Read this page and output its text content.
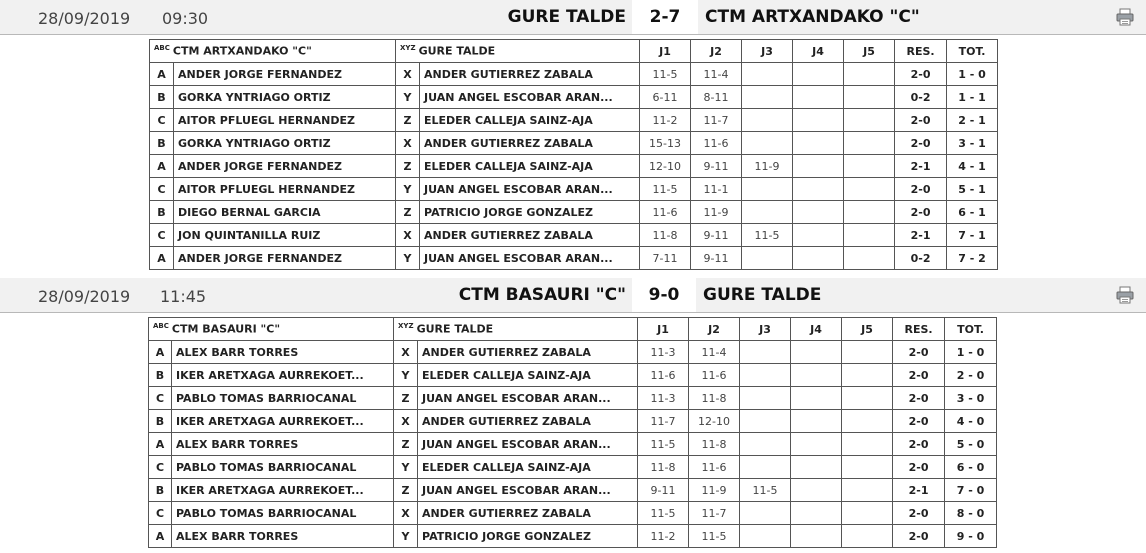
28/09/2019 09:30	GURE TALDE	2-7	CTM ARTXANDAKO "C"
$^{ABC}$ CTM ARTXANDAKO "C"		$^{XYZ}$ GURE TALDE		J1	J2	J3	J4	J5	RES.	TOT.
A	ANDER JORGE FERNANDEZ	X	ANDER GUTIERREZ ZABALA	11-5	11-4				2-0	1 - 0
B	GORKA YNTRIAGO ORTIZ	Y	JUAN ANGEL ESCOBAR ARAN...	6-11	8-11				0-2	1 - 1
C	AITOR PFLUEGL HERNANDEZ	Z	ELEDER CALLEJA SAINZ-AJA	11-2	11-7				2-0	2 - 1
B	GORKA YNTRIAGO ORTIZ	X	ANDER GUTIERREZ ZABALA	15-13	11-6				2-0	3 - 1
A	ANDER JORGE FERNANDEZ	Z	ELEDER CALLEJA SAINZ-AJA	12-10	9-11	11-9			2-1	4 - 1
C	AITOR PFLUEGL HERNANDEZ	Y	JUAN ANGEL ESCOBAR ARAN...	11-5	11-1				2-0	5 - 1
B	DIEGO BERNAL GARCIA	Z	PATRICIO JORGE GONZALEZ	11-6	11-9				2-0	6 - 1
C	JON QUINTANILLA RUIZ	X	ANDER GUTIERREZ ZABALA	11-8	9-11	11-5			2-1	7 - 1
A	ANDER JORGE FERNANDEZ	Y	JUAN ANGEL ESCOBAR ARAN...	7-11	9-11				0-2	7 - 2
28/09/2019 11:45	CTM BASAURI "C"	9-0	GURE TALDE
$^{ABC}$ CTM BASAURI "C"		$^{XYZ}$ GURE TALDE		J1	J2	J3	J4	J5	RES.	TOT.
A	ALEX BARR TORRES	X	ANDER GUTIERREZ ZABALA	11-3	11-4				2-0	1 - 0
B	IKER ARETXAGA AURREKOET...	Y	ELEDER CALLEJA SAINZ-AJA	11-6	11-6				2-0	2 - 0
C	PABLO TOMAS BARRIOCANAL	Z	JUAN ANGEL ESCOBAR ARAN...	11-3	11-8				2-0	3 - 0
B	IKER ARETXAGA AURREKOET...	X	ANDER GUTIERREZ ZABALA	11-7	12-10				2-0	4 - 0
A	ALEX BARR TORRES	Z	JUAN ANGEL ESCOBAR ARAN...	11-5	11-8				2-0	5 - 0
C	PABLO TOMAS BARRIOCANAL	Y	ELEDER CALLEJA SAINZ-AJA	11-8	11-6				2-0	6 - 0
B	IKER ARETXAGA AURREKOET...	Z	JUAN ANGEL ESCOBAR ARAN...	9-11	11-9	11-5			2-1	7 - 0
C	PABLO TOMAS BARRIOCANAL	X	ANDER GUTIERREZ ZABALA	11-5	11-7				2-0	8 - 0
A	ALEX BARR TORRES	Y	PATRICIO JORGE GONZALEZ	11-2	11-5				2-0	9 - 0
